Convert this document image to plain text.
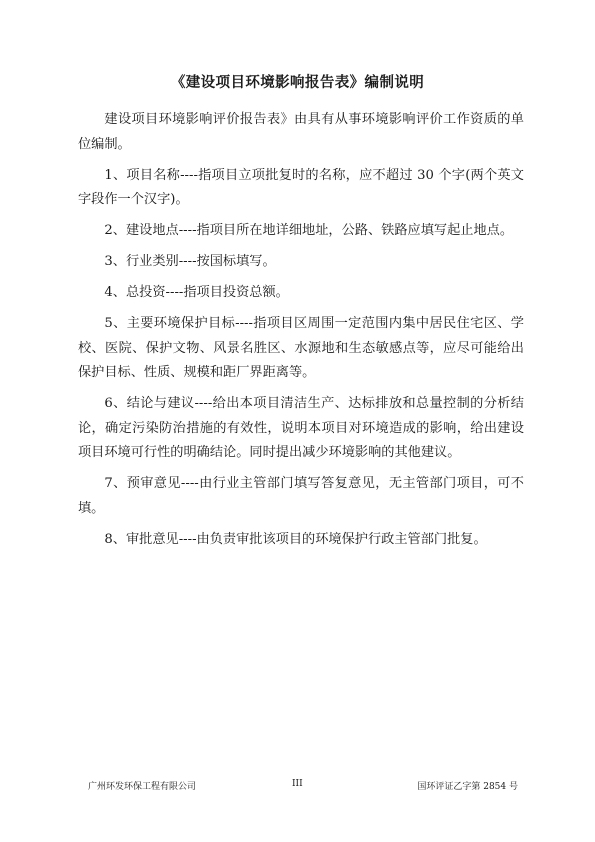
《建设项目环境影响报告表》编制说明

建设项目环境影响评价报告表》由具有从事环境影响评价工作资质的单位编制。

1、项目名称----指项目立项批复时的名称，应不超过 30 个字(两个英文字段作一个汉字)。

2、建设地点----指项目所在地详细地址，公路、铁路应填写起止地点。

3、行业类别----按国标填写。

4、总投资----指项目投资总额。

5、主要环境保护目标----指项目区周围一定范围内集中居民住宅区、学校、医院、保护文物、风景名胜区、水源地和生态敏感点等，应尽可能给出保护目标、性质、规模和距厂界距离等。

6、结论与建议----给出本项目清洁生产、达标排放和总量控制的分析结论，确定污染防治措施的有效性，说明本项目对环境造成的影响，给出建设项目环境可行性的明确结论。同时提出减少环境影响的其他建议。

7、预审意见----由行业主管部门填写答复意见，无主管部门项目，可不填。

8、审批意见----由负责审批该项目的环境保护行政主管部门批复。

广州环发环保工程有限公司	III	国环评证乙字第 2854 号
